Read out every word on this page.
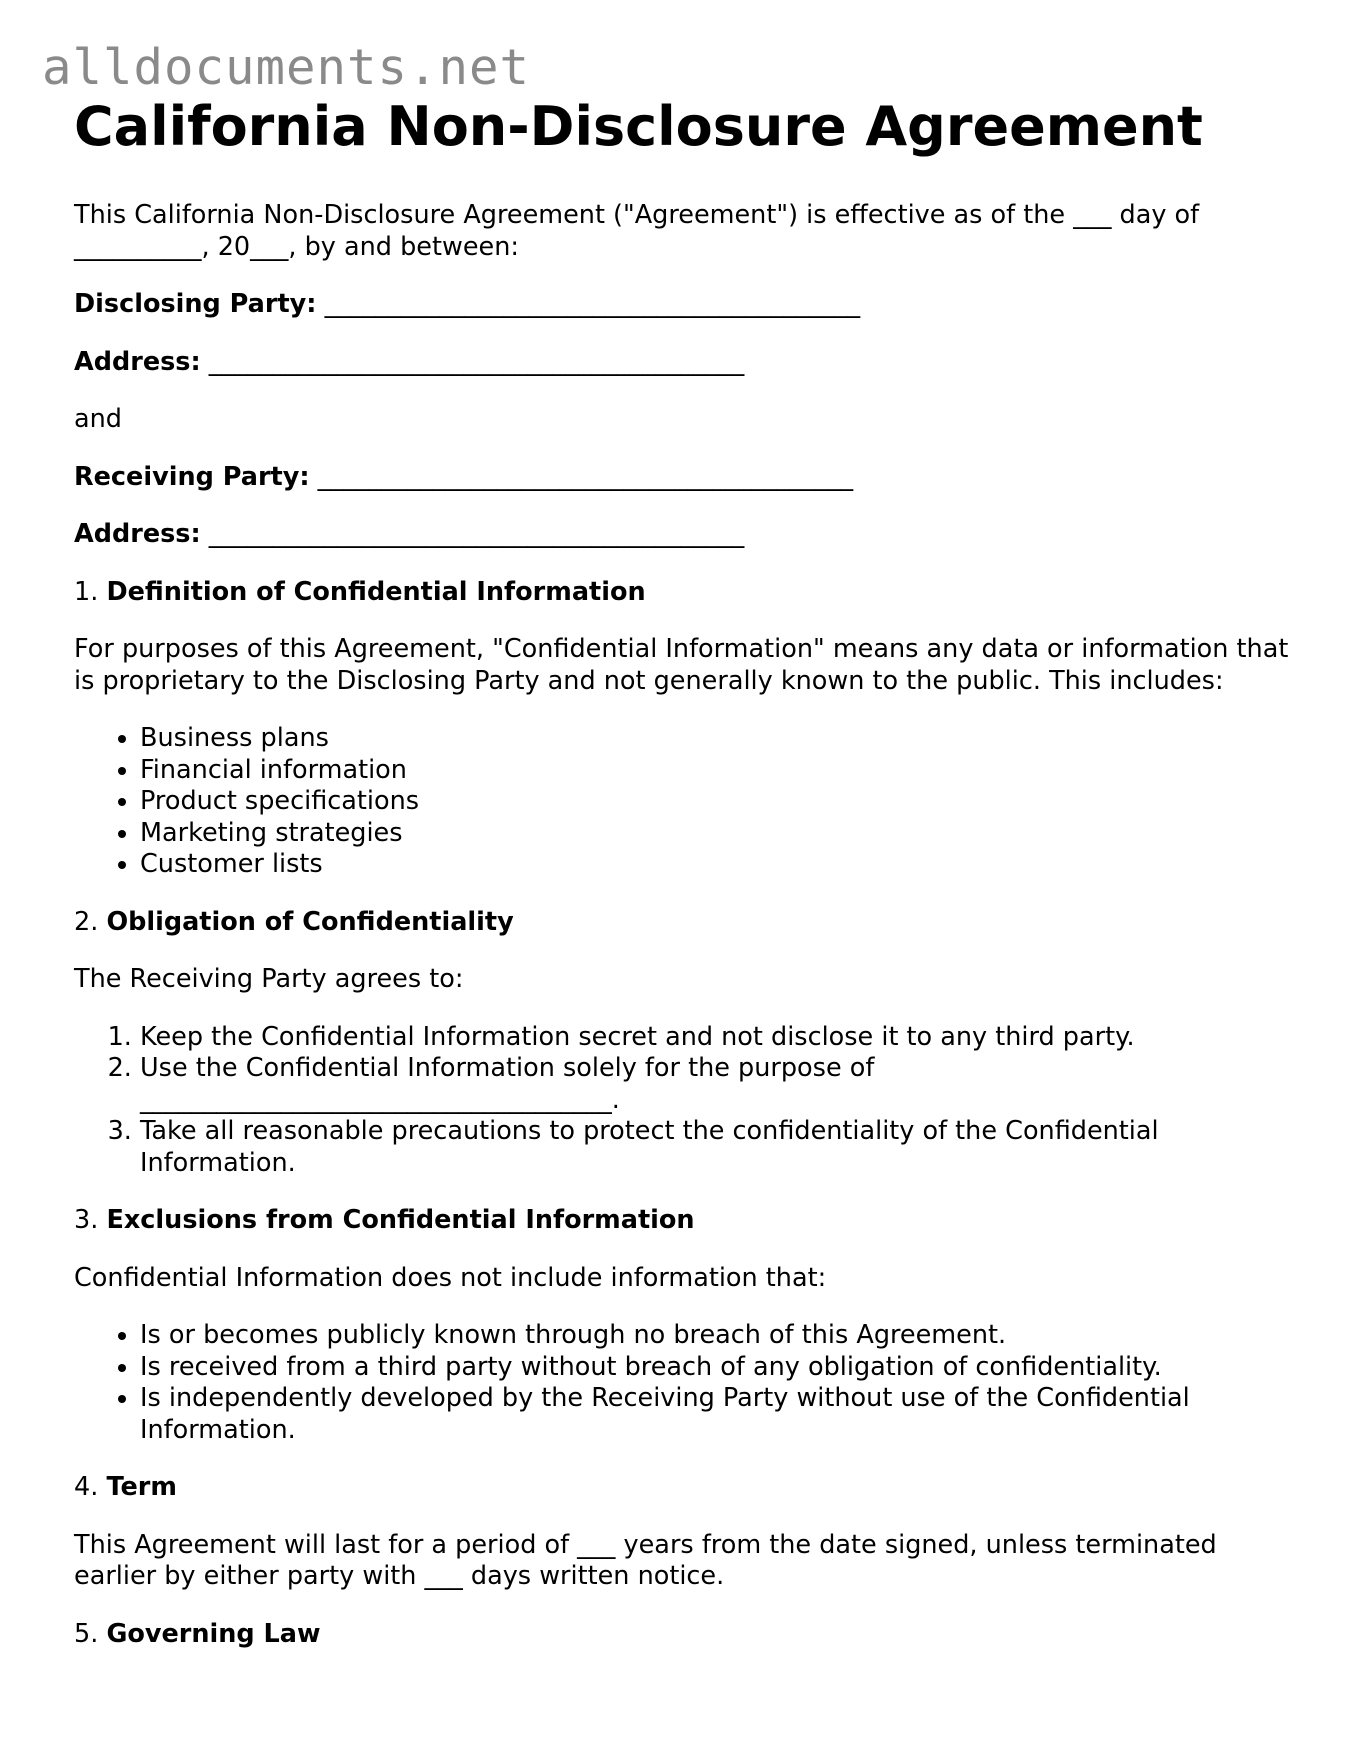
alldocuments.net
California Non-Disclosure Agreement

This California Non-Disclosure Agreement ("Agreement") is effective as of the ___ day of __________, 20___, by and between:

Disclosing Party: __________________________________________

Address: __________________________________________

and

Receiving Party: __________________________________________

Address: __________________________________________

1. Definition of Confidential Information

For purposes of this Agreement, "Confidential Information" means any data or information that is proprietary to the Disclosing Party and not generally known to the public. This includes:

• Business plans
• Financial information
• Product specifications
• Marketing strategies
• Customer lists

2. Obligation of Confidentiality

The Receiving Party agrees to:

1. Keep the Confidential Information secret and not disclose it to any third party.
2. Use the Confidential Information solely for the purpose of _____________________________________.
3. Take all reasonable precautions to protect the confidentiality of the Confidential Information.

3. Exclusions from Confidential Information

Confidential Information does not include information that:

• Is or becomes publicly known through no breach of this Agreement.
• Is received from a third party without breach of any obligation of confidentiality.
• Is independently developed by the Receiving Party without use of the Confidential Information.

4. Term

This Agreement will last for a period of ___ years from the date signed, unless terminated earlier by either party with ___ days written notice.

5. Governing Law
